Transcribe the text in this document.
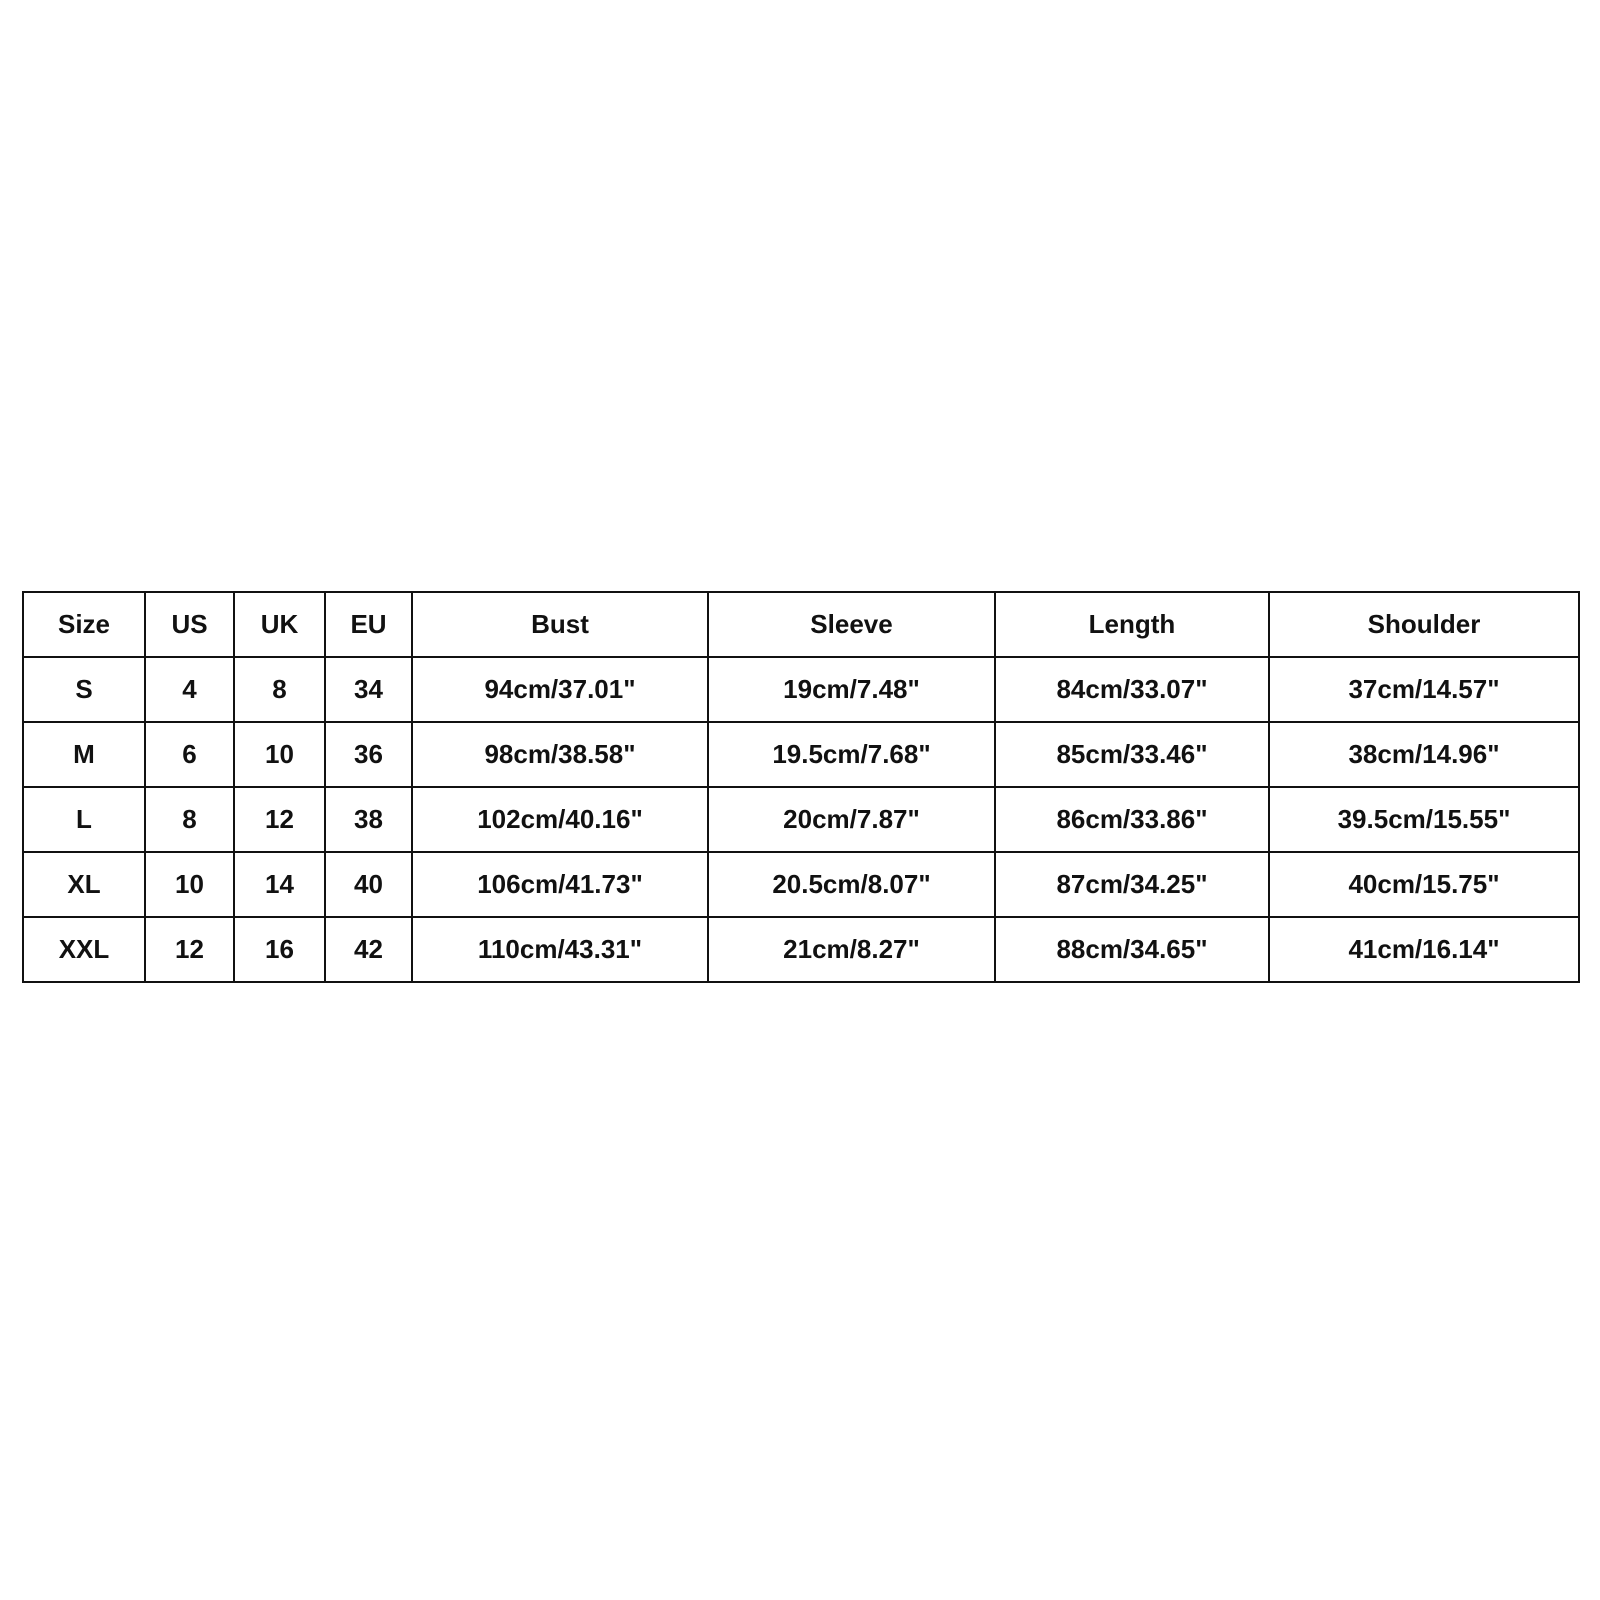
Size	US	UK	EU	Bust	Sleeve	Length	Shoulder
S	4	8	34	94cm/37.01"	19cm/7.48"	84cm/33.07"	37cm/14.57"
M	6	10	36	98cm/38.58"	19.5cm/7.68"	85cm/33.46"	38cm/14.96"
L	8	12	38	102cm/40.16"	20cm/7.87"	86cm/33.86"	39.5cm/15.55"
XL	10	14	40	106cm/41.73"	20.5cm/8.07"	87cm/34.25"	40cm/15.75"
XXL	12	16	42	110cm/43.31"	21cm/8.27"	88cm/34.65"	41cm/16.14"
